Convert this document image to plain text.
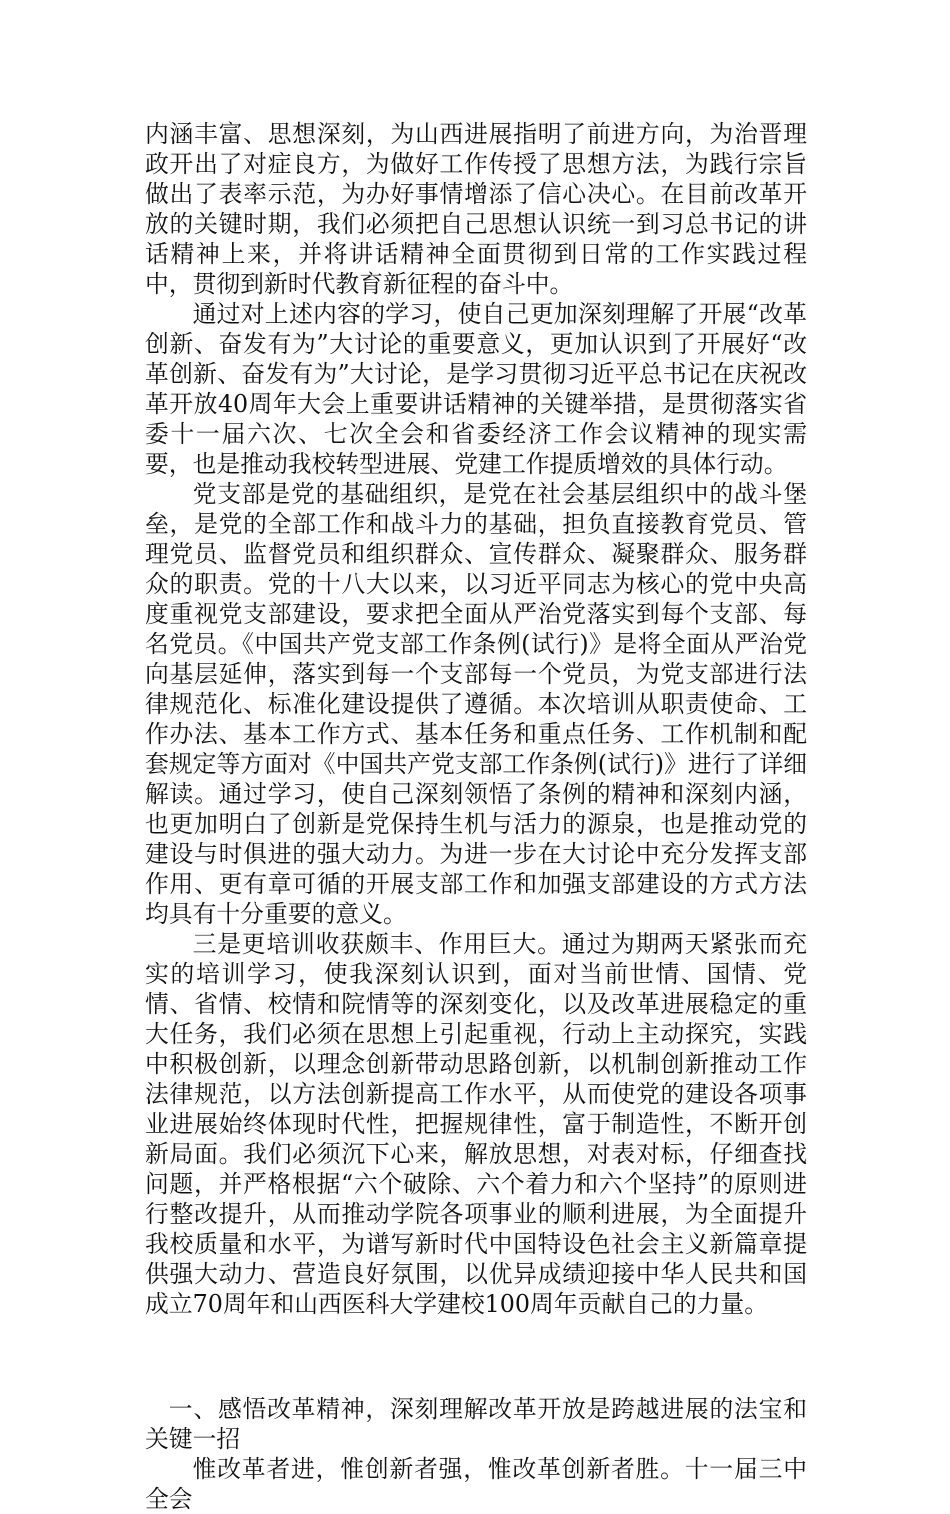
内涵丰富、思想深刻，为山西进展指明了前进方向，为治晋理政开出了对症良方，为做好工作传授了思想方法，为践行宗旨做出了表率示范，为办好事情增添了信心决心。在目前改革开放的关键时期，我们必须把自己思想认识统一到习总书记的讲话精神上来，并将讲话精神全面贯彻到日常的工作实践过程中，贯彻到新时代教育新征程的奋斗中。

通过对上述内容的学习，使自己更加深刻理解了开展“改革创新、奋发有为”大讨论的重要意义，更加认识到了开展好“改革创新、奋发有为”大讨论，是学习贯彻习近平总书记在庆祝改革开放40周年大会上重要讲话精神的关键举措，是贯彻落实省委十一届六次、七次全会和省委经济工作会议精神的现实需要，也是推动我校转型进展、党建工作提质增效的具体行动。

党支部是党的基础组织，是党在社会基层组织中的战斗堡垒，是党的全部工作和战斗力的基础，担负直接教育党员、管理党员、监督党员和组织群众、宣传群众、凝聚群众、服务群众的职责。党的十八大以来，以习近平同志为核心的党中央高度重视党支部建设，要求把全面从严治党落实到每个支部、每名党员。《中国共产党支部工作条例(试行)》是将全面从严治党向基层延伸，落实到每一个支部每一个党员，为党支部进行法律规范化、标准化建设提供了遵循。本次培训从职责使命、工作办法、基本工作方式、基本任务和重点任务、工作机制和配套规定等方面对《中国共产党支部工作条例(试行)》进行了详细解读。通过学习，使自己深刻领悟了条例的精神和深刻内涵，也更加明白了创新是党保持生机与活力的源泉，也是推动党的建设与时俱进的强大动力。为进一步在大讨论中充分发挥支部作用、更有章可循的开展支部工作和加强支部建设的方式方法均具有十分重要的意义。

三是更培训收获颇丰、作用巨大。通过为期两天紧张而充实的培训学习，使我深刻认识到，面对当前世情、国情、党情、省情、校情和院情等的深刻变化，以及改革进展稳定的重大任务，我们必须在思想上引起重视，行动上主动探究，实践中积极创新，以理念创新带动思路创新，以机制创新推动工作法律规范，以方法创新提高工作水平，从而使党的建设各项事业进展始终体现时代性，把握规律性，富于制造性，不断开创新局面。我们必须沉下心来，解放思想，对表对标，仔细查找问题，并严格根据“六个破除、六个着力和六个坚持”的原则进行整改提升，从而推动学院各项事业的顺利进展，为全面提升我校质量和水平，为谱写新时代中国特设色社会主义新篇章提供强大动力、营造良好氛围，以优异成绩迎接中华人民共和国成立70周年和山西医科大学建校100周年贡献自己的力量。

一、感悟改革精神，深刻理解改革开放是跨越进展的法宝和关键一招

惟改革者进，惟创新者强，惟改革创新者胜。十一届三中全会
